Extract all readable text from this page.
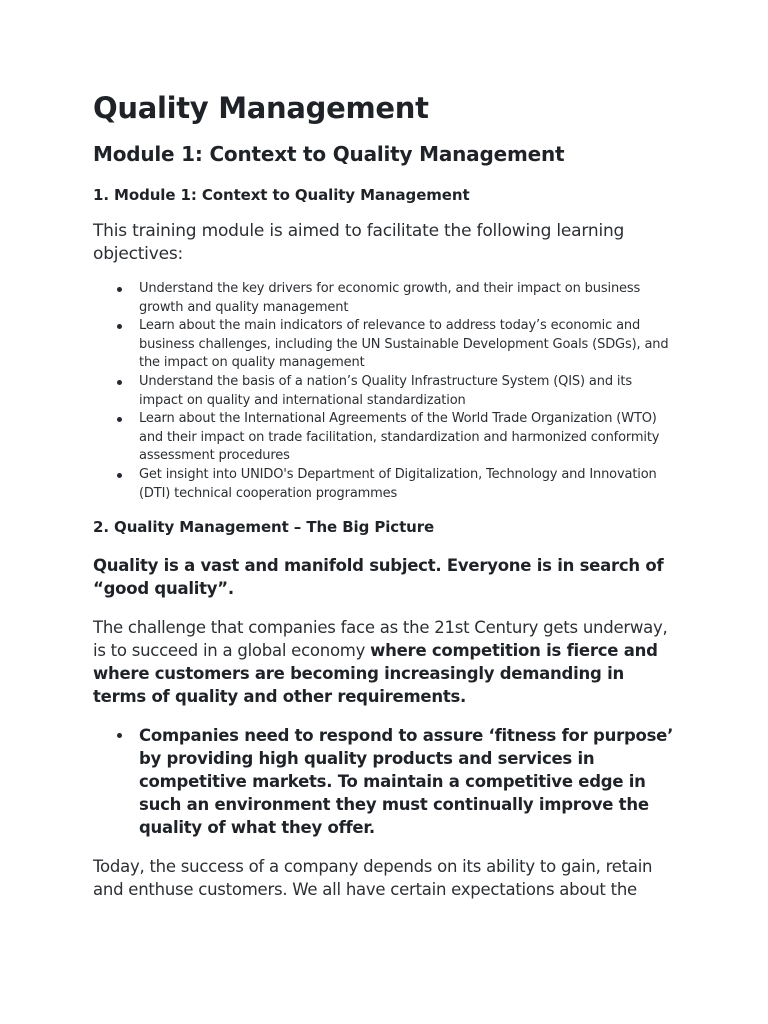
Quality Management
Module 1: Context to Quality Management
1. Module 1: Context to Quality Management

This training module is aimed to facilitate the following learning objectives:

Understand the key drivers for economic growth, and their impact on business growth and quality management
Learn about the main indicators of relevance to address today’s economic and business challenges, including the UN Sustainable Development Goals (SDGs), and the impact on quality management
Understand the basis of a nation’s Quality Infrastructure System (QIS) and its impact on quality and international standardization
Learn about the International Agreements of the World Trade Organization (WTO) and their impact on trade facilitation, standardization and harmonized conformity assessment procedures
Get insight into UNIDO's Department of Digitalization, Technology and Innovation (DTI) technical cooperation programmes
2. Quality Management – The Big Picture

Quality is a vast and manifold subject. Everyone is in search of “good quality”.

The challenge that companies face as the 21st Century gets underway, is to succeed in a global economy where competition is fierce and where customers are becoming increasingly demanding in terms of quality and other requirements.

Companies need to respond to assure ‘fitness for purpose’ by providing high quality products and services in competitive markets. To maintain a competitive edge in such an environment they must continually improve the quality of what they offer.

Today, the success of a company depends on its ability to gain, retain and enthuse customers. We all have certain expectations about the
